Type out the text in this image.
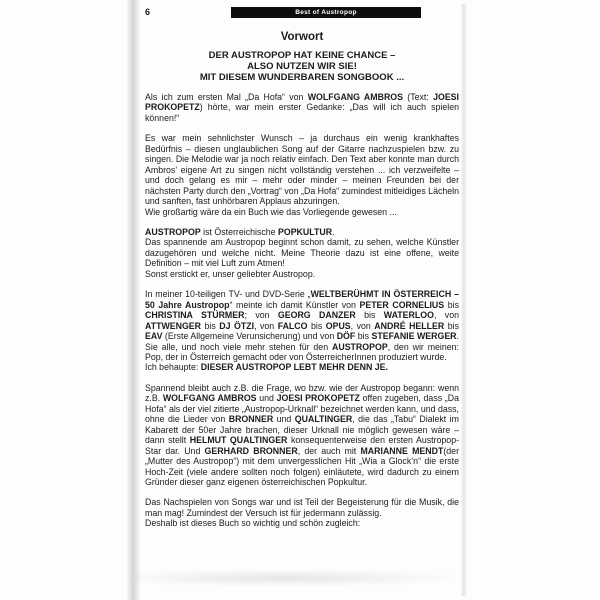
6	Best of Austropop
Vorwort
DER AUSTROPOP HAT KEINE CHANCE –
ALSO NUTZEN WIR SIE!
MIT DIESEM WUNDERBAREN SONGBOOK ...

Als ich zum ersten Mal „Da Hofa“ von WOLFGANG AMBROS (Text: JOESI PROKOPETZ) hörte, war mein erster Gedanke: „Das will ich auch spielen können!“

Es war mein sehnlichster Wunsch – ja durchaus ein wenig krankhaftes Bedürfnis – diesen unglaublichen Song auf der Gitarre nachzuspielen bzw. zu singen. Die Melodie war ja noch relativ einfach. Den Text aber konnte man durch Ambros’ eigene Art zu singen nicht vollständig verstehen ... ich verzweifelte – und doch gelang es mir – mehr oder minder – meinen Freunden bei der nächsten Party durch den „Vortrag“ von „Da Hofa“ zumindest mitleidiges Lächeln und sanften, fast unhörbaren Applaus abzuringen.
Wie großartig wäre da ein Buch wie das Vorliegende gewesen ...

AUSTROPOP ist Österreichische POPKULTUR.
Das spannende am Austropop beginnt schon damit, zu sehen, welche Künstler dazugehören und welche nicht. Meine Theorie dazu ist eine offene, weite Definition – mit viel Luft zum Atmen!
Sonst erstickt er, unser geliebter Austropop.

In meiner 10-teiligen TV- und DVD-Serie „WELTBERÜHMT IN ÖSTERREICH – 50 Jahre Austropop“ meinte ich damit Künstler von PETER CORNELIUS bis CHRISTINA STÜRMER; von GEORG DANZER bis WATERLOO, von ATTWENGER bis DJ ÖTZI, von FALCO bis OPUS, von ANDRÉ HELLER bis EAV (Erste Allgemeine Verunsicherung) und von DÖF bis STEFANIE WERGER. Sie alle, und noch viele mehr stehen für den AUSTROPOP, den wir meinen: Pop, der in Österreich gemacht oder von ÖsterreicherInnen produziert wurde.
Ich behaupte: DIESER AUSTROPOP LEBT MEHR DENN JE.

Spannend bleibt auch z.B. die Frage, wo bzw. wie der Austropop begann: wenn z.B. WOLFGANG AMBROS und JOESI PROKOPETZ offen zugeben, dass „Da Hofa“ als der viel zitierte „Austropop-Urknall“ bezeichnet werden kann, und dass, ohne die Lieder von BRONNER und QUALTINGER, die das „Tabu“ Dialekt im Kabarett der 50er Jahre brachen, dieser Urknall nie möglich gewesen wäre – dann stellt HELMUT QUALTINGER konsequenterweise den ersten Austropop-Star dar. Und GERHARD BRONNER, der auch mit MARIANNE MENDT(der „Mutter des Austropop“) mit dem unvergesslichen Hit „Wia a Glock’n“ die erste Hoch-Zeit (viele andere sollten noch folgen) einläutete, wird dadurch zu einem Gründer dieser ganz eigenen österreichischen Popkultur.

Das Nachspielen von Songs war und ist Teil der Begeisterung für die Musik, die man mag! Zumindest der Versuch ist für jedermann zulässig.
Deshalb ist dieses Buch so wichtig und schön zugleich:
